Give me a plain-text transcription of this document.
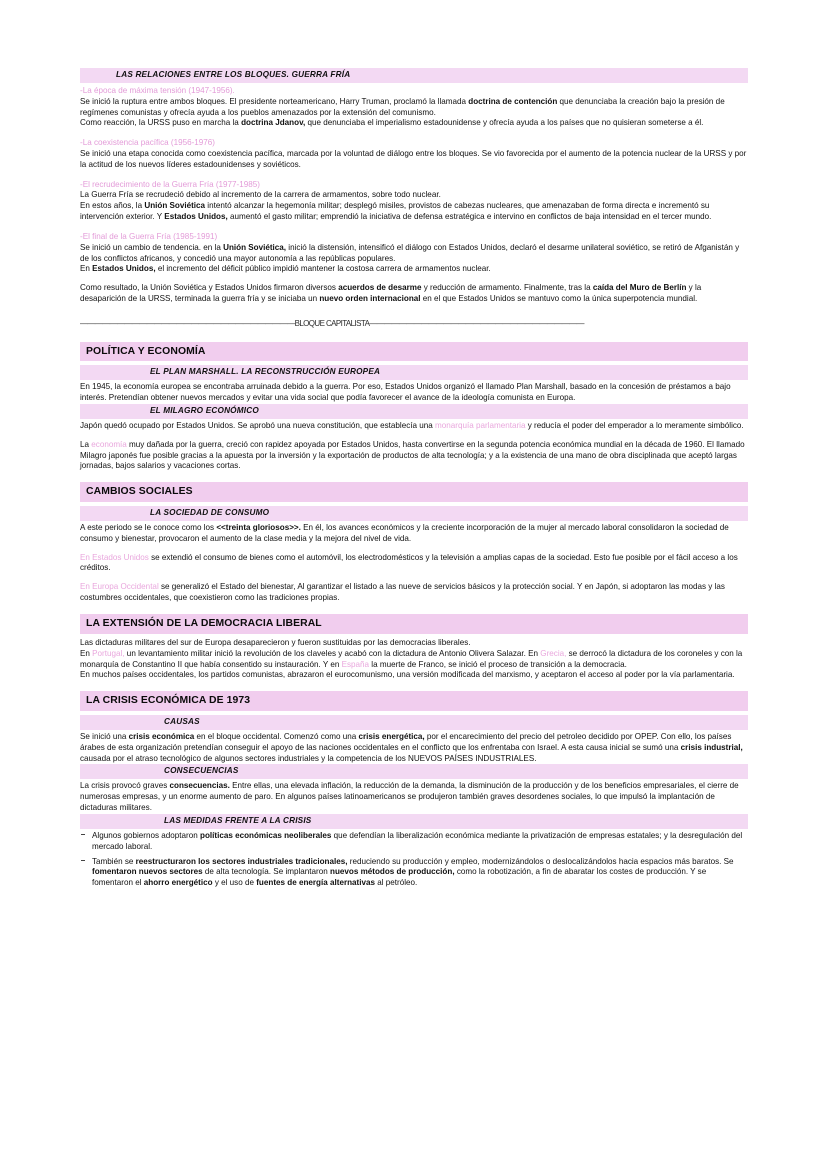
LAS RELACIONES ENTRE LOS BLOQUES. GUERRA FRÍA
-La época de máxima tensión (1947-1956).

Se inició la ruptura entre ambos bloques. El presidente norteamericano, Harry Truman, proclamó la llamada doctrina de contención que denunciaba la creación bajo la presión de regímenes comunistas y ofrecía ayuda a los pueblos amenazados por la extensión del comunismo.

Como reacción, la URSS puso en marcha la doctrina Jdanov, que denunciaba el imperialismo estadounidense y ofrecía ayuda a los países que no quisieran someterse a él.

-La coexistencia pacífica (1956-1976)

Se inició una etapa conocida como coexistencia pacífica, marcada por la voluntad de diálogo entre los bloques. Se vio favorecida por el aumento de la potencia nuclear de la URSS y por la actitud de los nuevos líderes estadounidenses y soviéticos.

-El recrudecimiento de la Guerra Fría (1977-1985)

La Guerra Fría se recrudeció debido al incremento de la carrera de armamentos, sobre todo nuclear.

En estos años, la Unión Soviética intentó alcanzar la hegemonía militar; desplegó misiles, provistos de cabezas nucleares, que amenazaban de forma directa e incrementó su intervención exterior. Y Estados Unidos, aumentó el gasto militar; emprendió la iniciativa de defensa estratégica e intervino en conflictos de baja intensidad en el tercer mundo.

-El final de la Guerra Fría (1985-1991)

Se inició un cambio de tendencia. en la Unión Soviética, inició la distensión, intensificó el diálogo con Estados Unidos, declaró el desarme unilateral soviético, se retiró de Afganistán y de los conflictos africanos, y concedió una mayor autonomía a las repúblicas populares.

En Estados Unidos, el incremento del déficit público impidió mantener la costosa carrera de armamentos nuclear.

Como resultado, la Unión Soviética y Estados Unidos firmaron diversos acuerdos de desarme y reducción de armamento. Finalmente, tras la caída del Muro de Berlín y la desaparición de la URSS, terminada la guerra fría y se iniciaba un nuevo orden internacional en el que Estados Unidos se mantuvo como la única superpotencia mundial.

—————————————————————————————BLOQUE CAPITALISTA—————————————————————————————
POLÍTICA Y ECONOMÍA
EL PLAN MARSHALL. LA RECONSTRUCCIÓN EUROPEA

En 1945, la economía europea se encontraba arruinada debido a la guerra. Por eso, Estados Unidos organizó el llamado Plan Marshall, basado en la concesión de préstamos a bajo interés. Pretendían obtener nuevos mercados y evitar una vida social que podía favorecer el avance de la ideología comunista en Europa.

EL MILAGRO ECONÓMICO

Japón quedó ocupado por Estados Unidos. Se aprobó una nueva constitución, que establecía una monarquía parlamentaria y reducía el poder del emperador a lo meramente simbólico.

La economía muy dañada por la guerra, creció con rapidez apoyada por Estados Unidos, hasta convertirse en la segunda potencia económica mundial en la década de 1960. El llamado Milagro japonés fue posible gracias a la apuesta por la inversión y la exportación de productos de alta tecnología; y a la existencia de una mano de obra disciplinada que aceptó largas jornadas, bajos salarios y vacaciones cortas.

CAMBIOS SOCIALES
LA SOCIEDAD DE CONSUMO

A este periodo se le conoce como los <<treinta gloriosos>>. En él, los avances económicos y la creciente incorporación de la mujer al mercado laboral consolidaron la sociedad de consumo y bienestar, provocaron el aumento de la clase media y la mejora del nivel de vida.

En Estados Unidos se extendió el consumo de bienes como el automóvil, los electrodomésticos y la televisión a amplias capas de la sociedad. Esto fue posible por el fácil acceso a los créditos.

En Europa Occidental se generalizó el Estado del bienestar, Al garantizar el listado a las nueve de servicios básicos y la protección social. Y en Japón, si adoptaron las modas y las costumbres occidentales, que coexistieron como las tradiciones propias.

LA EXTENSIÓN DE LA DEMOCRACIA LIBERAL

Las dictaduras militares del sur de Europa desaparecieron y fueron sustituidas por las democracias liberales.

En Portugal, un levantamiento militar inició la revolución de los claveles y acabó con la dictadura de Antonio Olivera Salazar. En Grecia, se derrocó la dictadura de los coroneles y con la monarquía de Constantino II que había consentido su instauración. Y en España la muerte de Franco, se inició el proceso de transición a la democracia.

En muchos países occidentales, los partidos comunistas, abrazaron el eurocomunismo, una versión modificada del marxismo, y aceptaron el acceso al poder por la vía parlamentaria.

LA CRISIS ECONÓMICA DE 1973
CAUSAS

Se inició una crisis económica en el bloque occidental. Comenzó como una crisis energética, por el encarecimiento del precio del petroleo decidido por OPEP. Con ello, los países árabes de esta organización pretendían conseguir el apoyo de las naciones occidentales en el conflicto que los enfrentaba con Israel. A esta causa inicial se sumó una crisis industrial, causada por el atraso tecnológico de algunos sectores industriales y la competencia de los NUEVOS PAÍSES INDUSTRIALES.

CONSECUENCIAS

La crisis provocó graves consecuencias. Entre ellas, una elevada inflación, la reducción de la demanda, la disminución de la producción y de los beneficios empresariales, el cierre de numerosas empresas, y un enorme aumento de paro. En algunos países latinoamericanos se produjeron también graves desordenes sociales, lo que impulsó la implantación de dictaduras militares.

LAS MEDIDAS FRENTE A LA CRISIS
Algunos gobiernos adoptaron políticas económicas neoliberales que defendían la liberalización económica mediante la privatización de empresas estatales; y la desregulación del mercado laboral.
También se reestructuraron los sectores industriales tradicionales, reduciendo su producción y empleo, modernizándolos o deslocalizándolos hacia espacios más baratos. Se fomentaron nuevos sectores de alta tecnología. Se implantaron nuevos métodos de producción, como la robotización, a fin de abaratar los costes de producción. Y se fomentaron el ahorro energético y el uso de fuentes de energía alternativas al petróleo.
